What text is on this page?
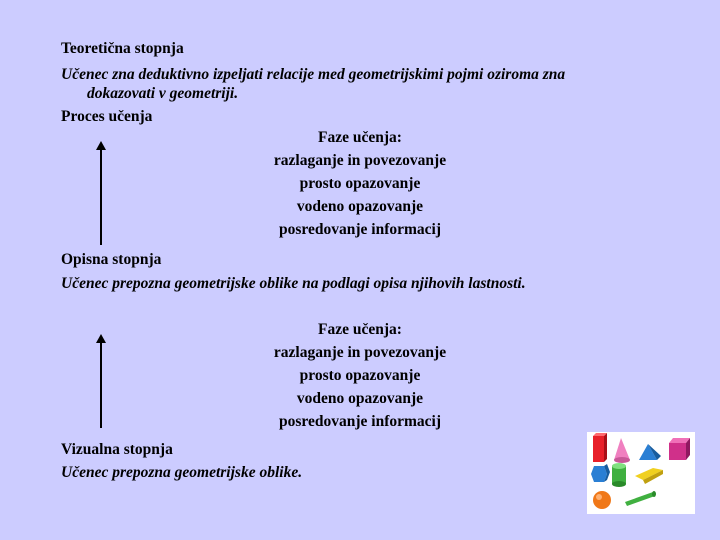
Teoretična stopnja
Učenec zna deduktivno izpeljati relacije med geometrijskimi pojmi oziroma zna
dokazovati v geometriji.
Proces učenja
Faze učenja:
razlaganje in povezovanje
prosto opazovanje
vodeno opazovanje
posredovanje informacij
Opisna stopnja
Učenec prepozna geometrijske oblike na podlagi opisa njihovih lastnosti.
Faze učenja:
razlaganje in povezovanje
prosto opazovanje
vodeno opazovanje
posredovanje informacij
Vizualna stopnja
Učenec prepozna geometrijske oblike.
